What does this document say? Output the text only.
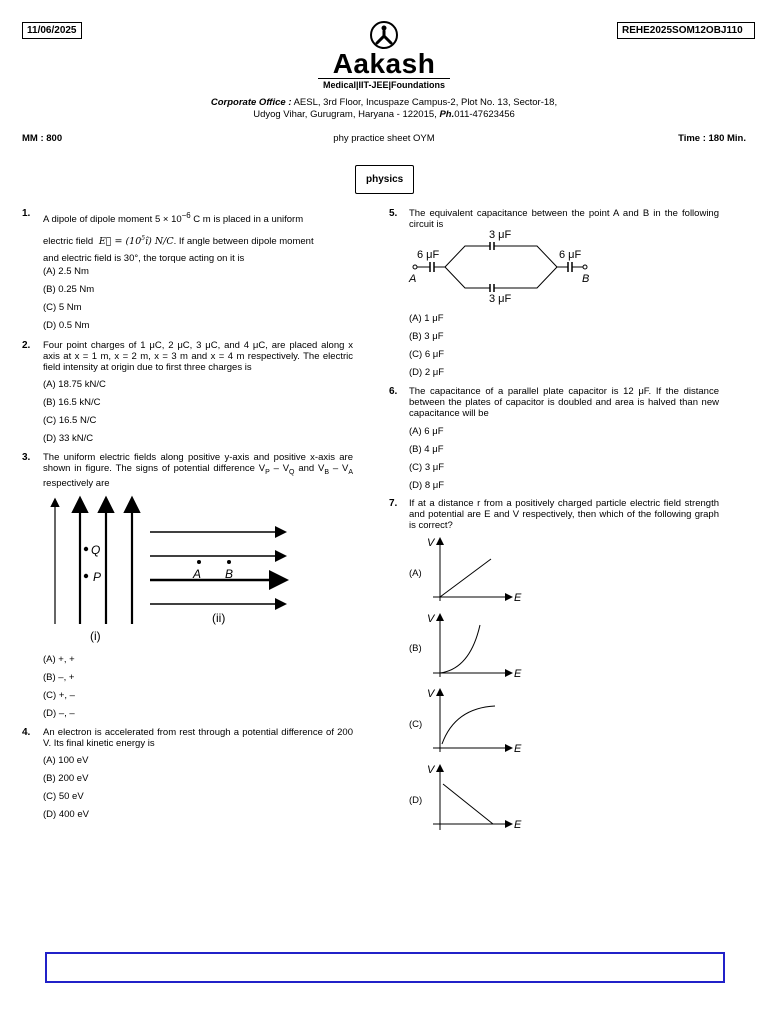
11/06/2025	REHE2025SOM12OBJ110
Aakash
Medical|IIT-JEE|Foundations
Corporate Office : AESL, 3rd Floor, Incuspaze Campus-2, Plot No. 13, Sector-18,
Udyog Vihar, Gurugram, Haryana - 122015, Ph.011-47623456
MM : 800	phy practice sheet OYM	Time : 180 Min.
physics
1.
A dipole of dipole moment $5 \times 10^{-6}$ C m is placed in a uniform
electric field  E⃗ = $(10^5î)$ N/C. If angle between dipole moment
and electric field is 30°, the torque acting on it is
(A) 2.5 Nm
(B) 0.25 Nm
(C) 5 Nm
(D) 0.5 Nm
2. Four point charges of 1 μC, 2 μC, 3 μC, and 4 μC, are placed along x axis at x = 1 m, x = 2 m, x = 3 m and x = 4 m respectively. The electric field intensity at origin due to first three charges is
(A) 18.75 kN/C
(B) 16.5 kN/C
(C) 16.5 N/C
(D) 33 kN/C
3. The uniform electric fields along positive y-axis and positive x-axis are shown in figure. The signs of potential difference $V_P - V_Q$ and $V_B - V_A$ respectively are
Q
P
(i)
A B
(ii)
(A) +, +
(B) –, +
(C) +, –
(D) –, –
4. An electron is accelerated from rest through a potential difference of 200 V. Its final kinetic energy is
(A) 100 eV
(B) 200 eV
(C) 50 eV
(D) 400 eV
5. The equivalent capacitance between the point A and B in the following circuit is
6 μF
3 μF
6 μF
3 μF
A	B
(A) 1 μF
(B) 3 μF
(C) 6 μF
(D) 2 μF
6. The capacitance of a parallel plate capacitor is 12 μF. If the distance between the plates of capacitor is doubled and area is halved than new capacitance will be
(A) 6 μF
(B) 4 μF
(C) 3 μF
(D) 8 μF
7. If at a distance r from a positively charged particle electric field strength and potential are E and V respectively, then which of the following graph is correct?
(A)
V
E
(B)
V
E
(C)
V
E
(D)
V
E
